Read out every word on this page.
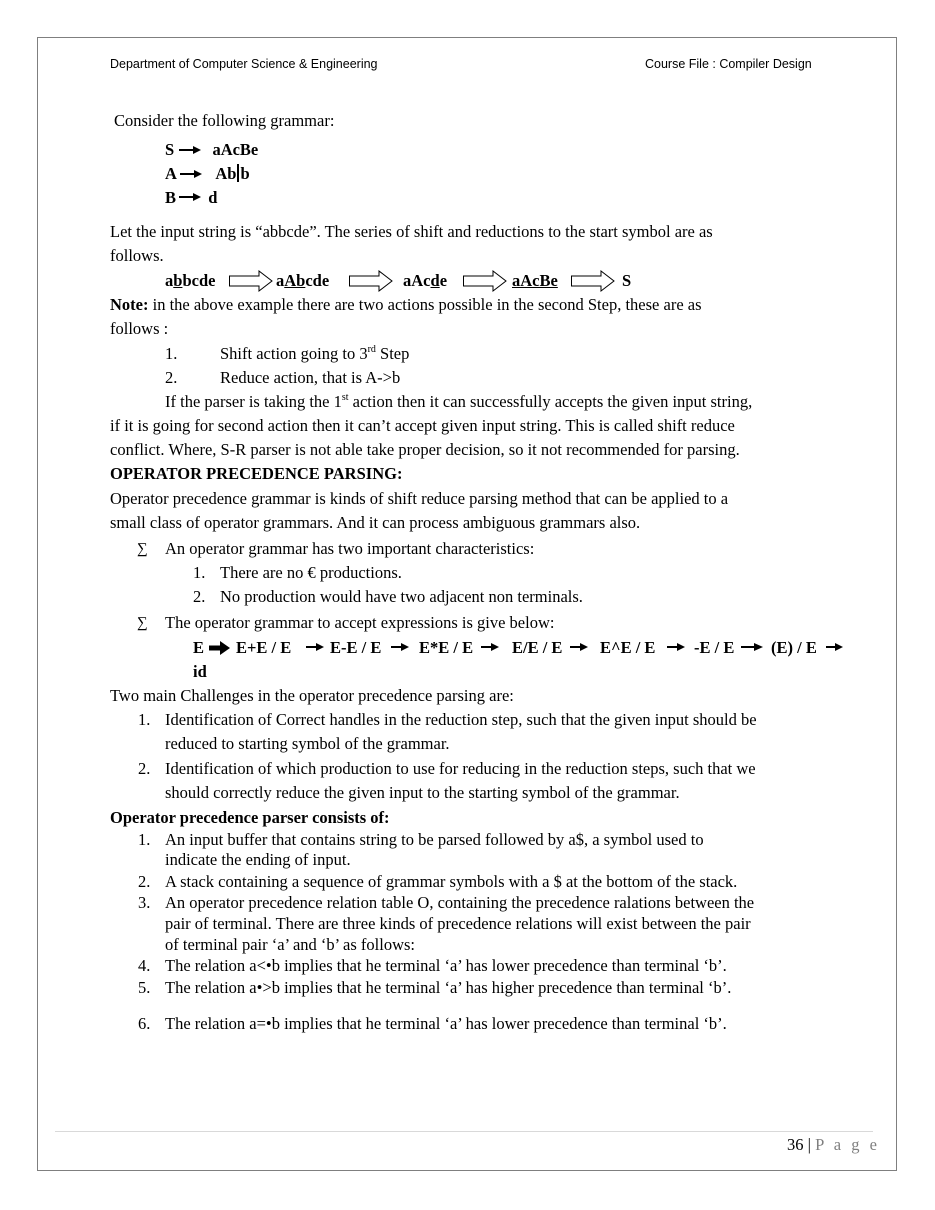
Department of Computer Science & Engineering	Course File : Compiler Design
Consider the following grammar:
S aAcBe
A Ab b
B d
Let the input string is “abbcde”. The series of shift and reductions to the start symbol are as
follows.
abbcde	aAbcde	aAcde	aAcBe	S
Note: in the above example there are two actions possible in the second Step, these are as
follows :
1.	Shift action going to 3rd Step
2.	Reduce action, that is A->b
If the parser is taking the 1st action then it can successfully accepts the given input string,
if it is going for second action then it can’t accept given input string. This is called shift reduce
conflict. Where, S-R parser is not able take proper decision, so it not recommended for parsing.
OPERATOR PRECEDENCE PARSING:
Operator precedence grammar is kinds of shift reduce parsing method that can be applied to a
small class of operator grammars. And it can process ambiguous grammars also.
∑ An operator grammar has two important characteristics:
1. There are no € productions.
2. No production would have two adjacent non terminals.
∑ The operator grammar to accept expressions is give below:
E E+E / E E-E / E E*E / E E/E / E E^E / E -E / E (E) / E
id
Two main Challenges in the operator precedence parsing are:
1. Identification of Correct handles in the reduction step, such that the given input should be
reduced to starting symbol of the grammar.
2. Identification of which production to use for reducing in the reduction steps, such that we
should correctly reduce the given input to the starting symbol of the grammar.
Operator precedence parser consists of:
1. An input buffer that contains string to be parsed followed by a$, a symbol used to
indicate the ending of input.
2. A stack containing a sequence of grammar symbols with a $ at the bottom of the stack.
3. An operator precedence relation table O, containing the precedence ralations between the
pair of terminal. There are three kinds of precedence relations will exist between the pair
of terminal pair ‘a’ and ‘b’ as follows:
4. The relation a<•b implies that he terminal ‘a’ has lower precedence than terminal ‘b’.
5. The relation a•>b implies that he terminal ‘a’ has higher precedence than terminal ‘b’.
6. The relation a=•b implies that he terminal ‘a’ has lower precedence than terminal ‘b’.
36 | P a g e
